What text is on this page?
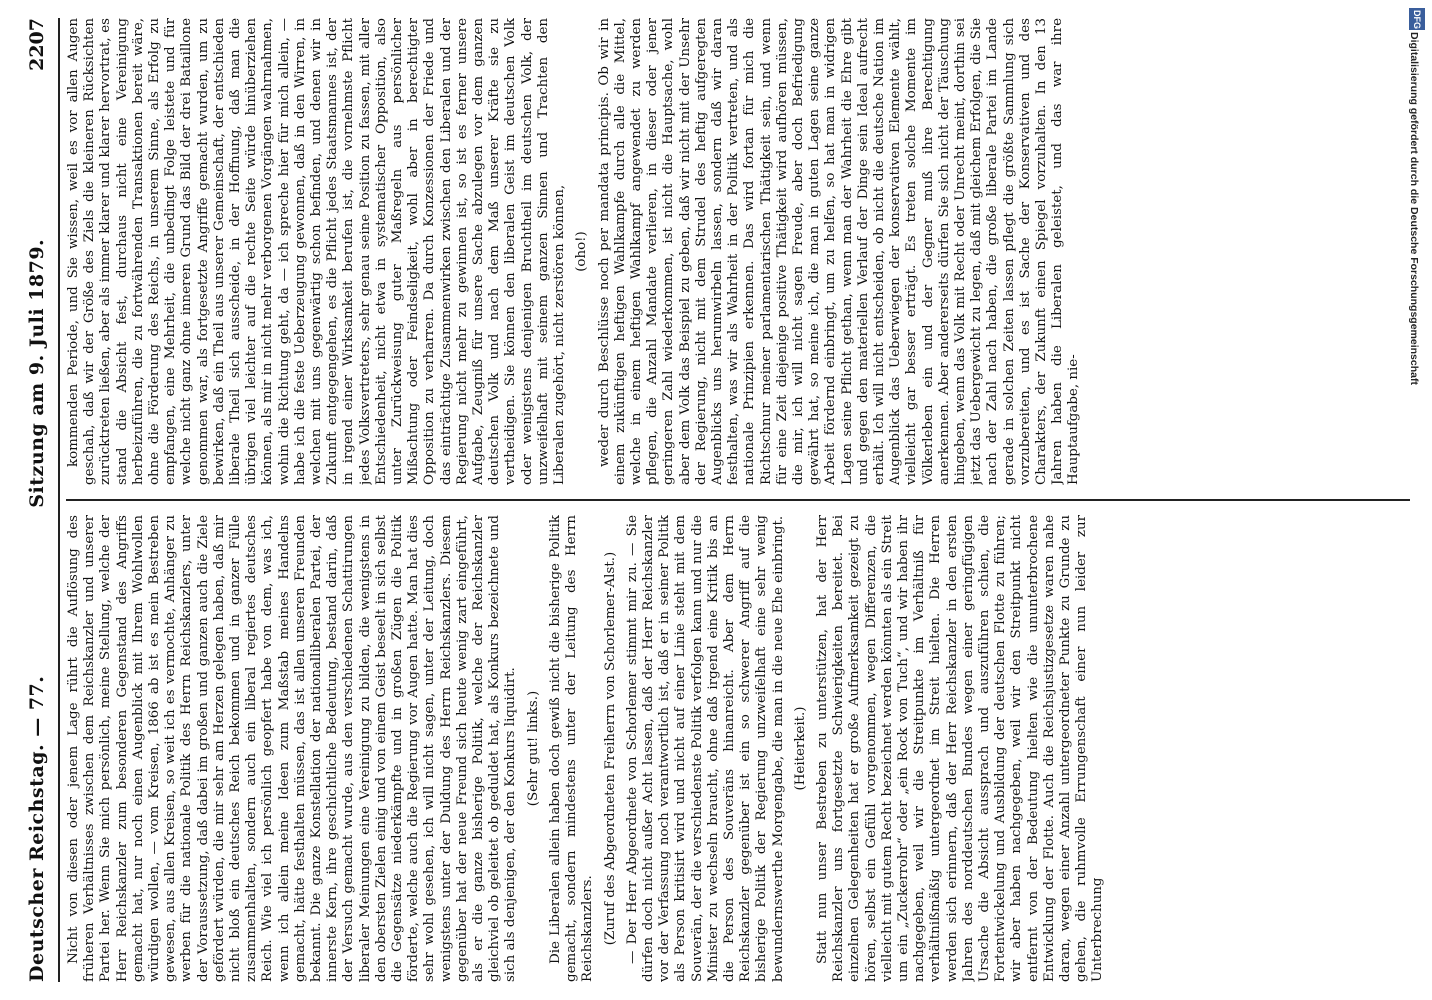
Deutscher Reichstag. — 77.
Sitzung am 9. Juli 1879.
2207

Nicht von diesen oder jenem Lage rührt die Auflösung des früheren Verhältnisses zwischen dem Reichskanzler und unserer Partei her. Wenn Sie mich persönlich, meine Stellung, welche der Herr Reichskanzler zum besonderen Gegenstand des Angriffs gemacht hat, nur noch einen Augenblick mit Ihrem Wohlwollen würdigen wollen, — vom Kreisen, 1866 ab ist es mein Bestreben gewesen, aus allen Kreisen, so weit ich es vermochte, Anhänger zu werben für die nationale Politik des Herrn Reichskanzlers, unter der Voraussetzung, daß dabei im großen und ganzen auch die Ziele gefördert würden, die mir sehr am Herzen gelegen haben, daß mir nicht bloß ein deutsches Reich bekommen und in ganzer Fülle zusammenhalten, sondern auch ein liberal regiertes deutsches Reich. Wie viel ich persönlich geopfert habe von dem, was ich, wenn ich allein meine Ideen zum Maßstab meines Handelns gemacht, hätte festhalten müssen, das ist allen unseren Freunden bekannt. Die ganze Konstellation der nationalliberalen Partei, der innerste Kern, ihre geschichtliche Bedeutung, bestand darin, daß der Versuch gemacht wurde, aus den verschiedenen Schattirungen liberaler Meinungen eine Vereinigung zu bilden, die wenigstens in den obersten Zielen einig und von einem Geist beseelt in sich selbst die Gegensätze niederkämpfte und in großen Zügen die Politik förderte, welche auch die Regierung vor Augen hatte. Man hat dies sehr wohl gesehen, ich will nicht sagen, unter der Leitung, doch wenigstens unter der Duldung des Herrn Reichskanzlers. Diesem gegenüber hat der neue Freund sich heute wenig zart eingeführt, als er die ganze bisherige Politik, welche der Reichskanzler gleichviel ob geleitet ob geduldet hat, als Konkurs bezeichnete und sich als denjenigen, der den Konkurs liquidirt. (Sehr gut! links.) Die Liberalen allein haben doch gewiß nicht die bisherige Politik gemacht, sondern mindestens unter der Leitung des Herrn Reichskanzlers. (Zuruf des Abgeordneten Freiherrn von Schorlemer-Alst.) — Der Herr Abgeordnete von Schorlemer stimmt mir zu. — Sie dürfen doch nicht außer Acht lassen, daß der Herr Reichskanzler vor der Verfassung noch verantwortlich ist, daß er in seiner Politik als Person kritisirt wird und nicht auf einer Linie steht mit dem Souverän, der die verschiedenste Politik verfolgen kann und nur die Minister zu wechseln braucht, ohne daß irgend eine Kritik bis an die Person des Souveräns hinanreicht. Aber dem Herrn Reichskanzler gegenüber ist ein so schwerer Angriff auf die bisherige Politik der Regierung unzweifelhaft eine sehr wenig bewundernswerthe Morgengabe, die man in die neue Ehe einbringt. (Heiterkeit.) Statt nun unser Bestreben zu unterstützen, hat der Herr Reichskanzler uns fortgesetzte Schwierigkeiten bereitet. Bei einzelnen Gelegenheiten hat er große Aufmerksamkeit gezeigt zu hören, selbst ein Gefühl vorgenommen, wegen Differenzen, die vielleicht mit gutem Recht bezeichnet werden könnten als ein Streit um ein „Zuckerrohr“ oder „ein Rock von Tuch“, und wir haben ihr nachgegeben, weil wir die Streitpunkte im Verhältniß für verhältnißmäßig untergeordnet im Streit hielten. Die Herren werden sich erinnern, daß der Herr Reichskanzler in den ersten Jahren des norddeutschen Bundes wegen einer geringfügigen Ursache die Absicht aussprach und auszuführen schien, die Fortentwickelung und Ausbildung der deutschen Flotte zu führen; wir aber haben nachgegeben, weil wir den Streitpunkt nicht entfernt von der Bedeutung hielten wie die ununterbrochene Entwicklung der Flotte. Auch die Reichsjustizgesetze waren nahe daran, wegen einer Anzahl untergeordneter Punkte zu Grunde zu gehen, die ruhmvolle Errungenschaft einer nun leider zur Unterbrechung

kommenden Periode, und Sie wissen, weil es vor allen Augen geschah, daß wir der Größe des Ziels die kleineren Rücksichten zurücktreten ließen, aber als immer klarer und klarer hervortrat, es stand die Absicht fest, durchaus nicht eine Vereinigung herbeizuführen, die zu fortwährenden Transaktionen bereit wäre, ohne die Förderung des Reichs, in unserem Sinne, als Erfolg zu empfangen, eine Mehrheit, die unbedingt Folge leistete und für welche nicht ganz ohne inneren Grund das Bild der drei Bataillone genommen war, als fortgesetzte Angriffe gemacht wurden, um zu bewirken, daß ein Theil aus unserer Gemeinschaft, der entschieden liberale Theil sich ausscheide, in der Hoffnung, daß man die übrigen viel leichter auf die rechte Seite würde hinüberziehen können, als mir in nicht mehr verborgenen Vorgängen wahrnahmen, wohin die Richtung geht, da — ich spreche hier für mich allein, — habe ich die feste Ueberzeugung gewonnen, daß in den Wirren, in welchen mit uns gegenwärtig schon befinden, und denen wir in Zukunft entgegengehen, es die Pflicht jedes Staatsmannes ist, der in irgend einer Wirksamkeit berufen ist, die vornehmste Pflicht jedes Volksvertreters, sehr genau seine Position zu fassen, mit aller Entschiedenheit, nicht etwa in systematischer Opposition, also unter Zurückweisung guter Maßregeln aus persönlicher Mißachtung oder Feindseligkeit, wohl aber in berechtigter Opposition zu verharren. Da durch Konzessionen der Friede und das einträchtige Zusammenwirken zwischen den Liberalen und der Regierung nicht mehr zu gewinnen ist, so ist es ferner unsere Aufgabe, Zeugniß für unsere Sache abzulegen vor dem ganzen deutschen Volk und nach dem Maß unserer Kräfte sie zu vertheidigen. Sie können den liberalen Geist im deutschen Volk oder wenigstens denjenigen Bruchtheil im deutschen Volk, der unzweifelhaft mit seinem ganzen Sinnen und Trachten den Liberalen zugehört, nicht zerstören können, (oho!) weder durch Beschlüsse noch per mandata principis. Ob wir in einem zukünftigen heftigen Wahlkampfe durch alle die Mittel, welche in einem heftigen Wahlkampf angewendet zu werden pflegen, die Anzahl Mandate verlieren, in dieser oder jener geringeren Zahl wiederkommen, ist nicht die Hauptsache, wohl aber dem Volk das Beispiel zu geben, daß wir nicht mit der Unsehr der Regierung, nicht mit dem Strudel des heftig aufgeregten Augenblicks uns herumwirbeln lassen, sondern daß wir daran festhalten, was wir als Wahrheit in der Politik vertreten, und als nationale Prinzipien erkennen. Das wird fortan für mich die Richtschnur meiner parlamentarischen Thätigkeit sein, und wenn für eine Zeit diejenige positive Thätigkeit wird aufhören müssen, die mir, ich will nicht sagen Freude, aber doch Befriedigung gewährt hat, so meine ich, die man in guten Lagen seine ganze Arbeit fördernd einbringt, um zu helfen, so hat man in widrigen Lagen seine Pflicht gethan, wenn man der Wahrheit die Ehre gibt und gegen den materiellen Verlauf der Dinge sein Ideal aufrecht erhält. Ich will nicht entscheiden, ob nicht die deutsche Nation im Augenblick das Ueberwiegen der konservativen Elemente wählt, vielleicht gar besser erträgt. Es treten solche Momente im Völkerleben ein und der Gegner muß ihre Berechtigung anerkennen. Aber andererseits dürfen Sie sich nicht der Täuschung hingeben, wenn das Volk mit Recht oder Unrecht meint, dorthin sei jetzt das Uebergewicht zu legen, daß mit gleichem Erfolgen, die Sie nach der Zahl nach haben, die große liberale Partei im Lande gerade in solchen Zeiten lassen pflegt die größte Sammlung sich vorzubereiten, und es ist Sache der Konservativen und des Charakters, der Zukunft einen Spiegel vorzuhalten. In den 13 Jahren haben die Liberalen geleistet, und das war ihre Hauptaufgabe, nie-

DFG
Digitalisierung gefördert durch die Deutsche Forschungsgemeinschaft
